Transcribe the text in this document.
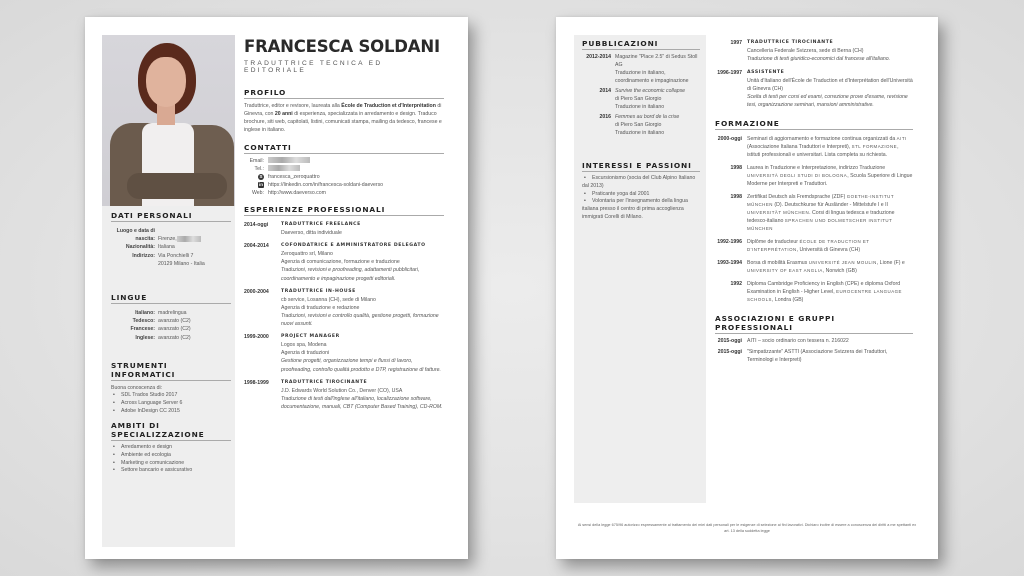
DATI PERSONALI
Luogo e data di
nascita: Firenze,
Nazionalità: Italiana
Indirizzo: Via Ponchielli 7
20129 Milano - Italia
LINGUE
Italiano: madrelingua
Tedesco: avanzato (C2)
Francese: avanzato (C2)
Inglese: avanzato (C2)
STRUMENTI INFORMATICI
Buona conoscenza di:
• SDL Trados Studio 2017
• Across Language Server 6
• Adobe InDesign CC 2015
AMBITI DI SPECIALIZZAZIONE
• Arredamento e design
• Ambiente ed ecologia
• Marketing e comunicazione
• Settore bancario e assicurativo
FRANCESCA SOLDANI
TRADUTTRICE TECNICA ED EDITORIALE
PROFILO
Traduttrice, editor e revisore, laureata alla École de Traduction et d'Interprétation di Ginevra, con 20 anni di esperienza, specializzata in arredamento e design. Traduco brochure, siti web, capitolati, listini, comunicati stampa, mailing da tedesco, francese e inglese in italiano.
CONTATTI
Email:
Tel.:
S	francesca_zeroquattro
in https://linkedin.com/in/francesca-soldani-daeverso
Web: http://www.daeverso.com
ESPERIENZE PROFESSIONALI
2014-oggi	TRADUTTRICE FREELANCE
Daeverso, ditta individuale
2004-2014	COFONDATRICE E AMMINISTRATORE DELEGATO
Zeroquattro srl, Milano
Agenzia di comunicazione, formazione e traduzione
Traduzioni, revisioni e proofreading, adattamenti pubblicitari, coordinamento e impaginazione progetti editoriali.
2000-2004	TRADUTTRICE IN-HOUSE
cb service, Losanna (CH), sede di Milano
Agenzia di traduzione e redazione
Traduzioni, revisioni e controllo qualità, gestione progetti, formazione nuovi assunti.
1999-2000	PROJECT MANAGER
Logos spa, Modena
Agenzia di traduzioni
Gestione progetti, organizzazione tempi e flussi di lavoro, proofreading, controllo qualità prodotto e DTP, registrazione di fatture.
1998-1999	TRADUTTRICE TIROCINANTE
J.D. Edwards World Solution Co., Denver (CO), USA
Traduzione di testi dall'inglese all'italiano, localizzazione software, documentazione, manuali, CBT (Computer Based Training), CD-ROM.
PUBBLICAZIONI
2012-2014 Magazine "Place 2.5" di Sedus Stoll AG
Traduzione in italiano, coordinamento e impaginazione
2014 Survive the economic collapse
di Piero San Giorgio
Traduzione in italiano
2016 Femmes au bord de la crise
di Piero San Giorgio
Traduzione in italiano
INTERESSI E PASSIONI
• Escursionismo (socia del Club Alpino Italiano dal 2013)
• Praticante yoga dal 2001
• Volontaria per l'insegnamento della lingua italiana presso il centro di prima accoglienza immigrati Corelli di Milano.
1997	TRADUTTRICE TIROCINANTE
Cancelleria Federale Svizzera, sede di Berna (CH)
Traduzione di testi giuridico-economici dal francese all'italiano.
1996-1997	ASSISTENTE
Unità d'Italiano dell'École de Traduction et d'Interprétation dell'Università di Ginevra (CH)
Scelta di testi per corsi ed esami, correzione prove d'esame, revisione tesi, organizzazione seminari, mansioni amministrative.
FORMAZIONE
2000-oggi Seminari di aggiornamento e formazione continua organizzati da AITI (Associazione Italiana Traduttori e Interpreti), STL FORMAZIONE, istituti professionali e universitari. Lista completa su richiesta.
1998 Laurea in Traduzione e Interpretazione, indirizzo Traduzione UNIVERSITÀ DEGLI STUDI DI BOLOGNA, Scuola Superiore di Lingue Moderne per Interpreti e Traduttori.
1998 Zertifikat Deutsch als Fremdsprache (ZDF) GOETHE-INSTITUT MÜNCHEN (D). Deutschkurse für Ausländer - Mittelstufe I e II UNIVERSITÄT MÜNCHEN. Corsi di lingua tedesca e traduzione tedesco-italiano SPRACHEN UND DOLMETSCHER INSTITUT MÜNCHEN
1992-1996 Diplôme de traducteur ÉCOLE DE TRADUCTION ET D'INTERPRÉTATION, Università di Ginevra (CH)
1993-1994 Borsa di mobilità Erasmus UNIVERSITÉ JEAN MOULIN, Lione (F) e UNIVERSITY OF EAST ANGLIA, Norwich (GB)
1992 Diploma Cambridge Proficiency in English (CPE) e diploma Oxford Examination in English - Higher Level, EUROCENTRE LANGUAGE SCHOOLS, Londra (GB)
ASSOCIAZIONI E GRUPPI PROFESSIONALI
2015-oggi AITI – socio ordinario con tessera n. 216022
2015-oggi "Simpatizzante" ASTTI (Associazione Svizzera dei Traduttori, Terminologi e Interpreti)
Ai sensi della legge 675/96 autorizzo espressamente al trattamento dei miei dati personali per le esigenze di selezione ai fini lavorativi. Dichiaro inoltre di essere a conoscenza dei diritti a me spettanti ex art. 13 della suddetta legge
